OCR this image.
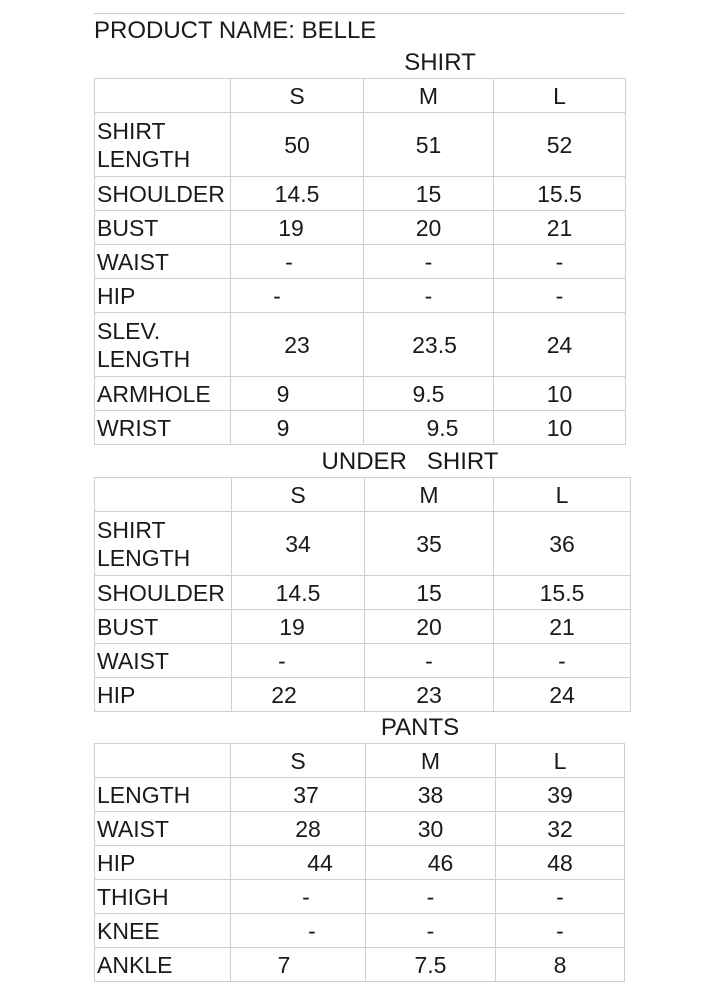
PRODUCT NAME: BELLE
SHIRT
	S	M	L
SHIRT
LENGTH	50	51	52
SHOULDER	14.5	15	15.5
BUST	19	20	21
WAIST	-	-	-
HIP	-	-	-
SLEV.
LENGTH	23	23.5	24
ARMHOLE	9	9.5	10
WRIST	9	9.5	10
UNDER   SHIRT
	S	M	L
SHIRT
LENGTH	34	35	36
SHOULDER	14.5	15	15.5
BUST	19	20	21
WAIST	-	-	-
HIP	22	23	24
PANTS
	S	M	L
LENGTH	37	38	39
WAIST	28	30	32
HIP	44	46	48
THIGH	-	-	-
KNEE	-	-	-
ANKLE	7	7.5	8
